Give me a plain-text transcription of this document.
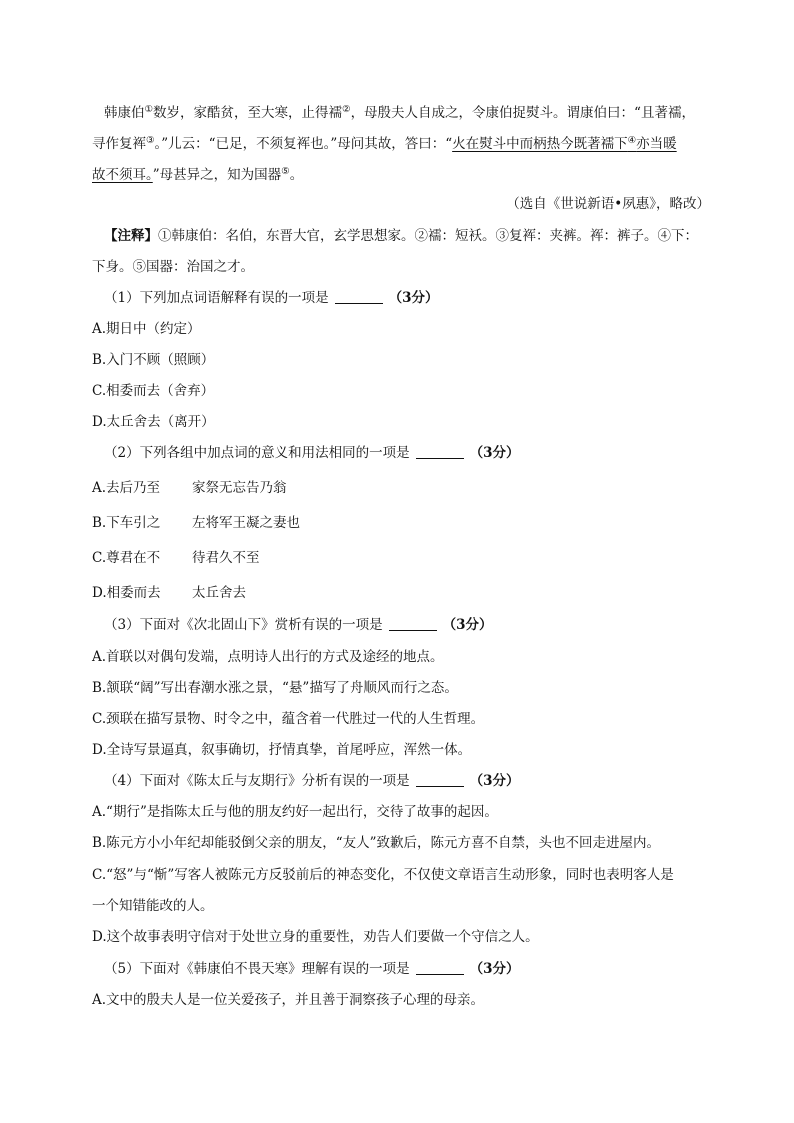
韩康伯①数岁，家酷贫，至大寒，止得襦②，母殷夫人自成之，令康伯捉熨斗。谓康伯曰：“且著襦，
寻作复裈③。”儿云：“已足，不须复裈也。”母问其故，答曰：“火在熨斗中而柄热今既著襦下④亦当暖
故不须耳。”母甚异之，知为国器⑤。
（选自《世说新语•夙惠》，略改）
【注释】①韩康伯：名伯，东晋大官，玄学思想家。②襦：短袄。③复裈：夹裤。裈：裤子。④下：
下身。⑤国器：治国之才。
（1）下列加点词语解释有误的一项是	（3分）
A.期日中（约定）
B.入门不顾（照顾）
C.相委而去（舍弃）
D.太丘舍去（离开）
（2）下列各组中加点词的意义和用法相同的一项是	（3分）
A.去后乃至 家祭无忘告乃翁
B.下车引之 左将军王凝之妻也
C.尊君在不 待君久不至
D.相委而去 太丘舍去
（3）下面对《次北固山下》赏析有误的一项是	（3分）
A.首联以对偶句发端，点明诗人出行的方式及途经的地点。
B.颔联“阔”写出春潮水涨之景，“悬”描写了舟顺风而行之态。
C.颈联在描写景物、时令之中，蕴含着一代胜过一代的人生哲理。
D.全诗写景逼真，叙事确切，抒情真挚，首尾呼应，浑然一体。
（4）下面对《陈太丘与友期行》分析有误的一项是	（3分）
A.“期行”是指陈太丘与他的朋友约好一起出行，交待了故事的起因。
B.陈元方小小年纪却能驳倒父亲的朋友，“友人”致歉后，陈元方喜不自禁，头也不回走进屋内。
C.“怒”与“惭”写客人被陈元方反驳前后的神态变化，不仅使文章语言生动形象，同时也表明客人是
一个知错能改的人。
D.这个故事表明守信对于处世立身的重要性，劝告人们要做一个守信之人。
（5）下面对《韩康伯不畏天寒》理解有误的一项是	（3分）
A.文中的殷夫人是一位关爱孩子，并且善于洞察孩子心理的母亲。
